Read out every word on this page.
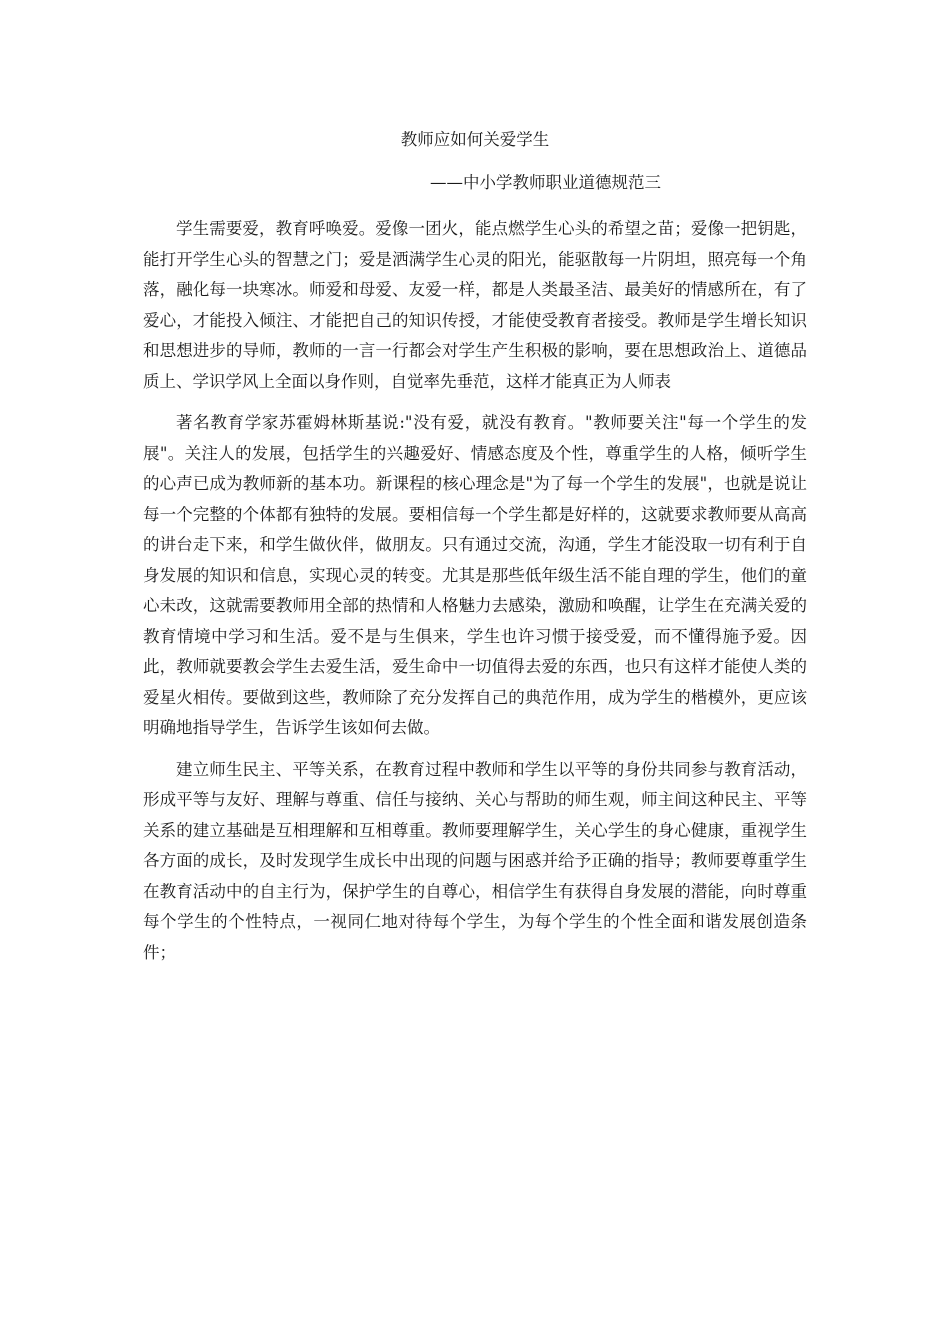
教师应如何关爱学生

——中小学教师职业道德规范三

学生需要爱，教育呼唤爱。爱像一团火，能点燃学生心头的希望之苗；爱像一把钥匙，能打开学生心头的智慧之门；爱是洒满学生心灵的阳光，能驱散每一片阴坦，照亮每一个角落，融化每一块寒冰。师爱和母爱、友爱一样，都是人类最圣洁、最美好的情感所在，有了爱心，才能投入倾注、才能把自己的知识传授，才能使受教育者接受。教师是学生增长知识和思想进步的导师，教师的一言一行都会对学生产生积极的影响，要在思想政治上、道德品质上、学识学风上全面以身作则，自觉率先垂范，这样才能真正为人师表

著名教育学家苏霍姆林斯基说:"没有爱，就没有教育。"教师要关注"每一个学生的发展"。关注人的发展，包括学生的兴趣爱好、情感态度及个性，尊重学生的人格，倾听学生的心声已成为教师新的基本功。新课程的核心理念是"为了每一个学生的发展"，也就是说让每一个完整的个体都有独特的发展。要相信每一个学生都是好样的，这就要求教师要从高高的讲台走下来，和学生做伙伴，做朋友。只有通过交流，沟通，学生才能没取一切有利于自身发展的知识和信息，实现心灵的转变。尤其是那些低年级生活不能自理的学生，他们的童心未改，这就需要教师用全部的热情和人格魅力去感染，激励和唤醒，让学生在充满关爱的教育情境中学习和生活。爱不是与生俱来，学生也许习惯于接受爱，而不懂得施予爱。因此，教师就要教会学生去爱生活，爱生命中一切值得去爱的东西，也只有这样才能使人类的爱星火相传。要做到这些，教师除了充分发挥自己的典范作用，成为学生的楷模外，更应该明确地指导学生，告诉学生该如何去做。

建立师生民主、平等关系，在教育过程中教师和学生以平等的身份共同参与教育活动，形成平等与友好、理解与尊重、信任与接纳、关心与帮助的师生观，师主间这种民主、平等关系的建立基础是互相理解和互相尊重。教师要理解学生，关心学生的身心健康，重视学生各方面的成长，及时发现学生成长中出现的问题与困惑并给予正确的指导；教师要尊重学生在教育活动中的自主行为，保护学生的自尊心，相信学生有获得自身发展的潜能，向时尊重每个学生的个性特点，一视同仁地对待每个学生，为每个学生的个性全面和谐发展创造条件；
